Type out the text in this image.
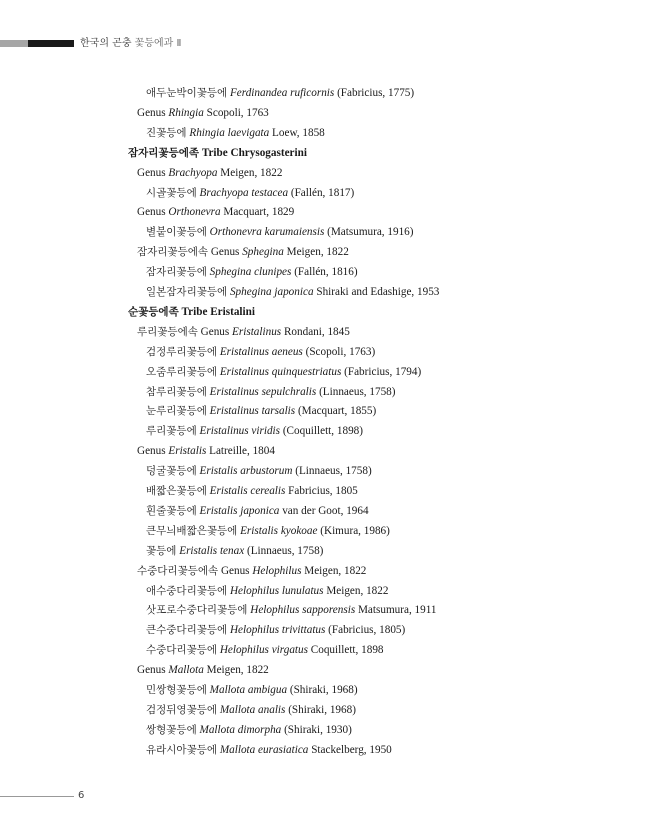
한국의 곤충 꽃등에과 Ⅱ
애두눈박이꽃등에 Ferdinandea ruficornis (Fabricius, 1775)
Genus Rhingia Scopoli, 1763
진꽃등에 Rhingia laevigata Loew, 1858
잠자리꽃등에족 Tribe Chrysogasterini
Genus Brachyopa Meigen, 1822
시골꽃등에 Brachyopa testacea (Fallén, 1817)
Genus Orthonevra Macquart, 1829
별붙이꽃등에 Orthonevra karumaiensis (Matsumura, 1916)
잠자리꽃등에속 Genus Sphegina Meigen, 1822
잠자리꽃등에 Sphegina clunipes (Fallén, 1816)
일본잠자리꽃등에 Sphegina japonica Shiraki and Edashige, 1953
순꽃등에족 Tribe Eristalini
루리꽃등에속 Genus Eristalinus Rondani, 1845
검정루리꽃등에 Eristalinus aeneus (Scopoli, 1763)
오줌루리꽃등에 Eristalinus quinquestriatus (Fabricius, 1794)
참루리꽃등에 Eristalinus sepulchralis (Linnaeus, 1758)
눈루리꽃등에 Eristalinus tarsalis (Macquart, 1855)
루리꽃등에 Eristalinus viridis (Coquillett, 1898)
Genus Eristalis Latreille, 1804
덩굴꽃등에 Eristalis arbustorum (Linnaeus, 1758)
배짧은꽃등에 Eristalis cerealis Fabricius, 1805
흰줄꽃등에 Eristalis japonica van der Goot, 1964
큰무늬배짧은꽃등에 Eristalis kyokoae (Kimura, 1986)
꽃등에 Eristalis tenax (Linnaeus, 1758)
수중다리꽃등에속 Genus Helophilus Meigen, 1822
애수중다리꽃등에 Helophilus lunulatus Meigen, 1822
삿포로수중다리꽃등에 Helophilus sapporensis Matsumura, 1911
큰수중다리꽃등에 Helophilus trivittatus (Fabricius, 1805)
수중다리꽃등에 Helophilus virgatus Coquillett, 1898
Genus Mallota Meigen, 1822
민쌍형꽃등에 Mallota ambigua (Shiraki, 1968)
검정뒤영꽃등에 Mallota analis (Shiraki, 1968)
쌍형꽃등에 Mallota dimorpha (Shiraki, 1930)
유라시아꽃등에 Mallota eurasiatica Stackelberg, 1950
6
